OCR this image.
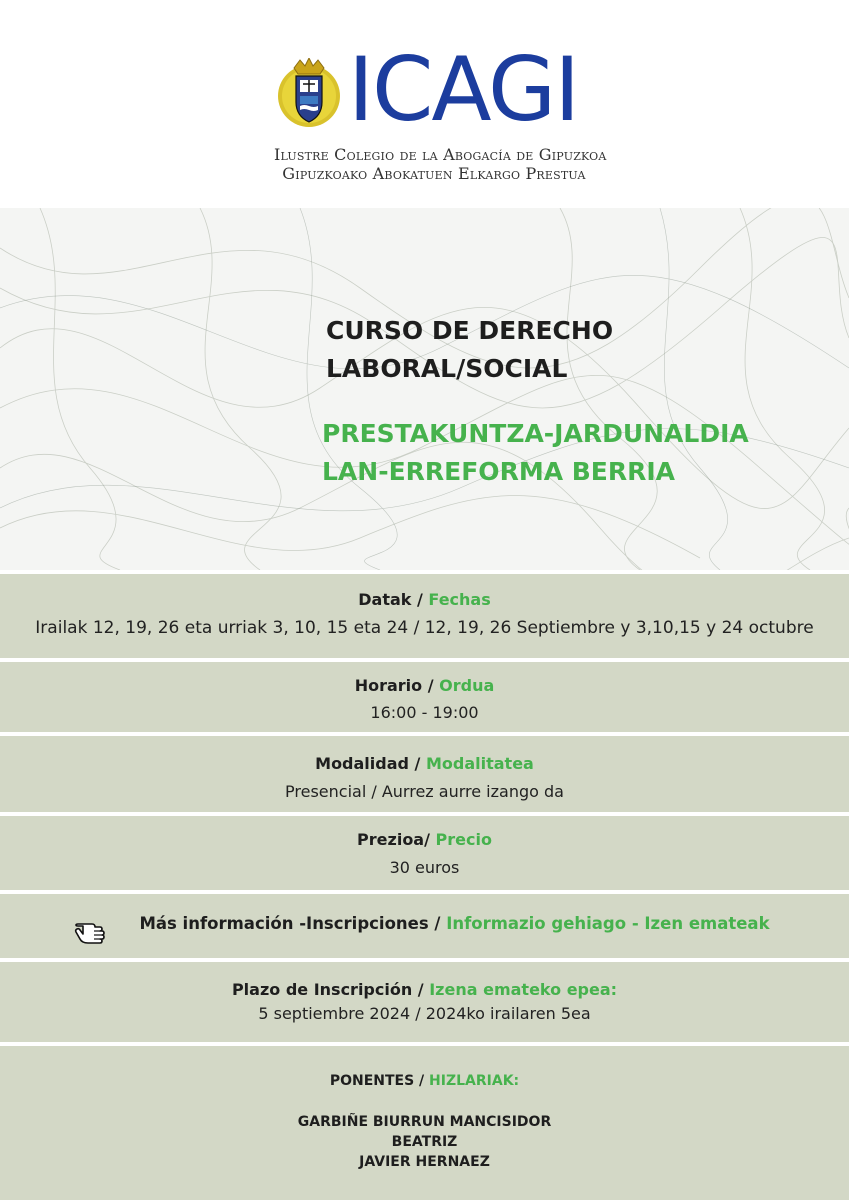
ICAGI
Ilustre Colegio de la Abogacía de Gipuzkoa
Gipuzkoako Abokatuen Elkargo Prestua
CURSO DE DERECHO
LABORAL/SOCIAL
PRESTAKUNTZA-JARDUNALDIA
LAN-ERREFORMA BERRIA
Datak / Fechas
Irailak 12, 19, 26 eta urriak 3, 10, 15 eta 24 / 12, 19, 26 Septiembre y 3,10,15 y 24 octubre
Horario / Ordua
16:00 - 19:00
Modalidad / Modalitatea
Presencial / Aurrez aurre izango da
Prezioa/ Precio
30 euros
Más información -Inscripciones / Informazio gehiago - Izen emateak
Plazo de Inscripción / Izena emateko epea:
5 septiembre 2024 / 2024ko irailaren 5ea
PONENTES / HIZLARIAK:
GARBIÑE BIURRUN MANCISIDOR
BEATRIZ
JAVIER HERNAEZ
